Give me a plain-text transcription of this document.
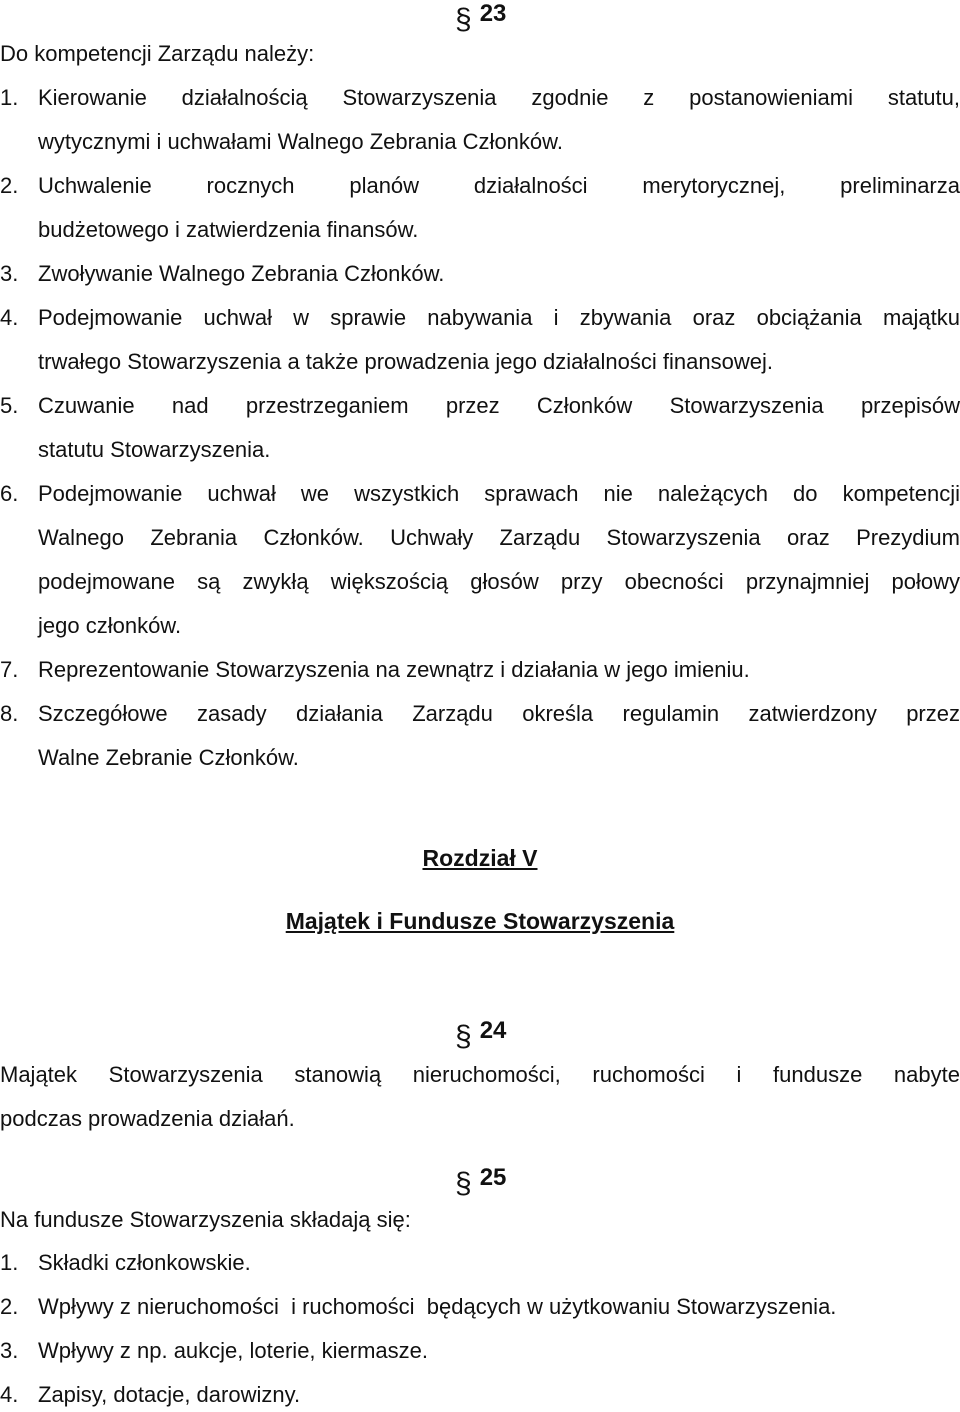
§ 23
Do kompetencji Zarządu należy:
1. Kierowanie działalnością Stowarzyszenia zgodnie z postanowieniami statutu,
wytycznymi i uchwałami Walnego Zebrania Członków.
2. Uchwalenie rocznych planów działalności merytorycznej, preliminarza
budżetowego i zatwierdzenia finansów.
3. Zwoływanie Walnego Zebrania Członków.
4. Podejmowanie uchwał w sprawie nabywania i zbywania oraz obciążania majątku
trwałego Stowarzyszenia a także prowadzenia jego działalności finansowej.
5. Czuwanie nad przestrzeganiem przez Członków Stowarzyszenia przepisów
statutu Stowarzyszenia.
6. Podejmowanie uchwał we wszystkich sprawach nie należących do kompetencji
Walnego Zebrania Członków. Uchwały Zarządu Stowarzyszenia oraz Prezydium
podejmowane są zwykłą większością głosów przy obecności przynajmniej połowy
jego członków.
7. Reprezentowanie Stowarzyszenia na zewnątrz i działania w jego imieniu.
8. Szczegółowe zasady działania Zarządu określa regulamin zatwierdzony przez
Walne Zebranie Członków.
Rozdział V
Majątek i Fundusze Stowarzyszenia
§ 24
Majątek Stowarzyszenia stanowią nieruchomości, ruchomości i fundusze nabyte
podczas prowadzenia działań.
§ 25
Na fundusze Stowarzyszenia składają się:
1. Składki członkowskie.
2. Wpływy z nieruchomości  i ruchomości  będących w użytkowaniu Stowarzyszenia.
3. Wpływy z np. aukcje, loterie, kiermasze.
4. Zapisy, dotacje, darowizny.
